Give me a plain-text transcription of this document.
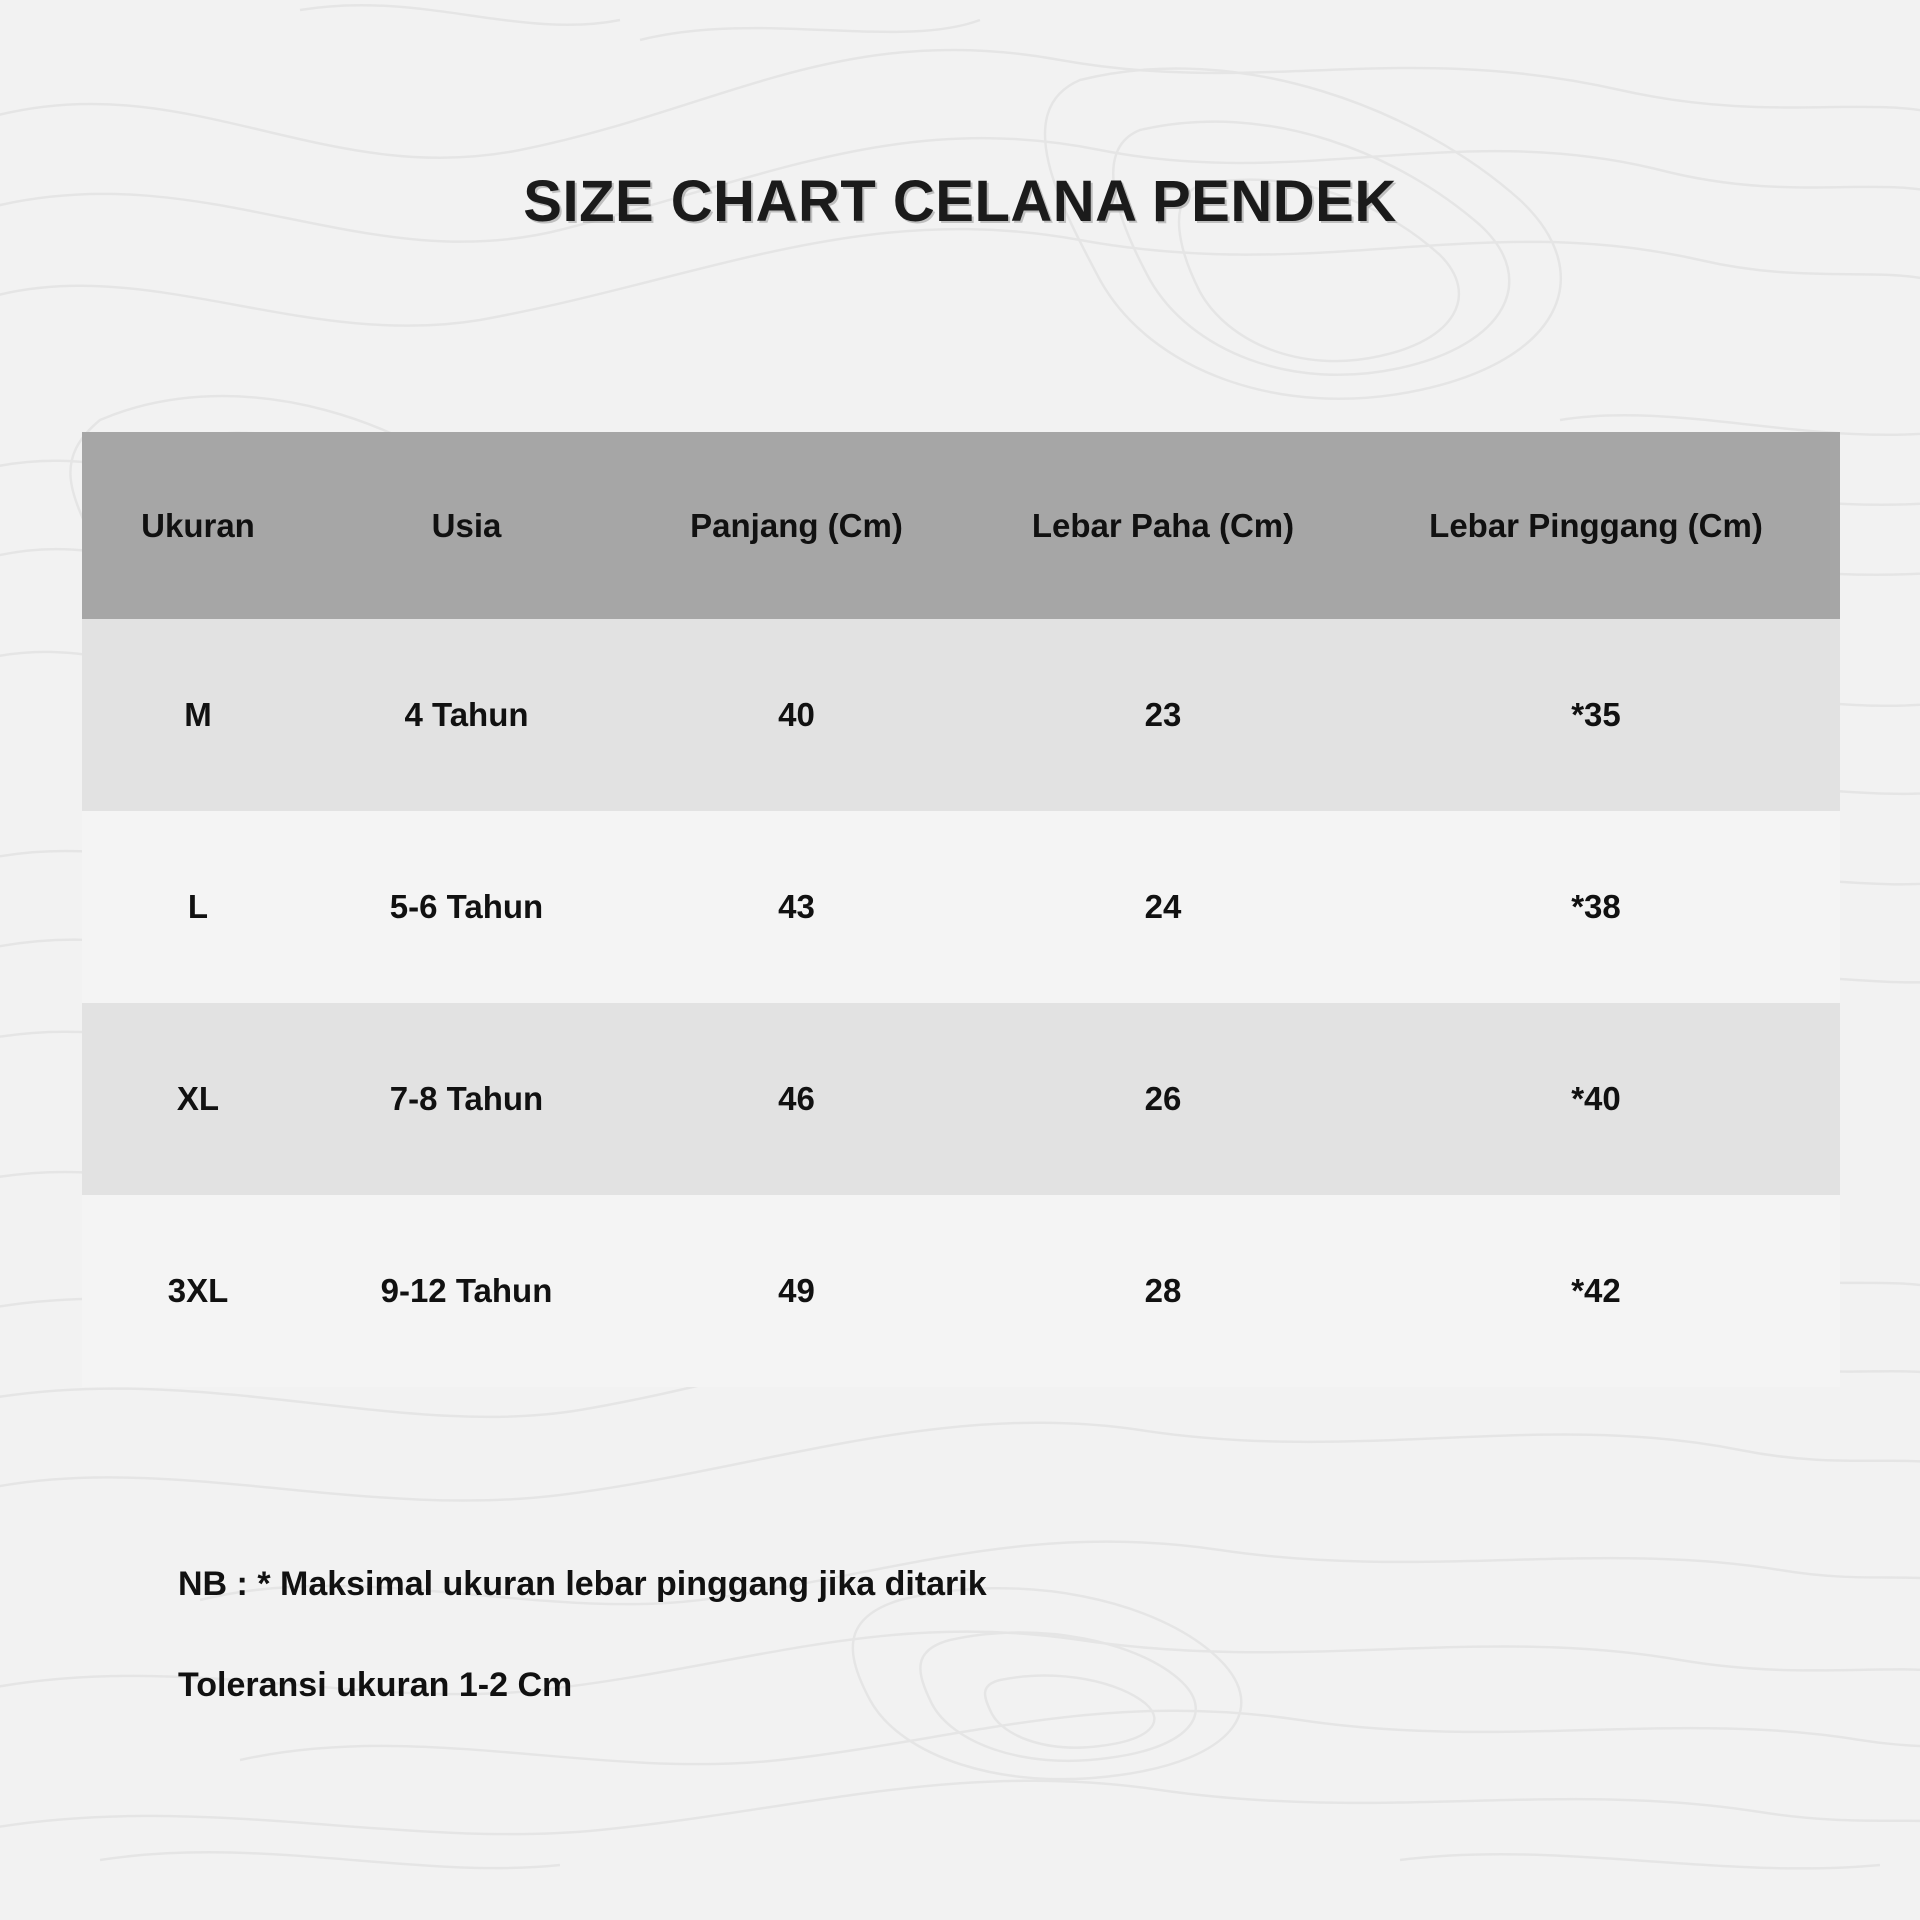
SIZE CHART CELANA PENDEK
Ukuran	Usia	Panjang (Cm)	Lebar Paha (Cm)	Lebar Pinggang (Cm)
M	4 Tahun	40	23	*35
L	5-6 Tahun	43	24	*38
XL	7-8 Tahun	46	26	*40
3XL	9-12 Tahun	49	28	*42
NB : * Maksimal ukuran lebar pinggang jika ditarik
Toleransi ukuran 1-2 Cm
